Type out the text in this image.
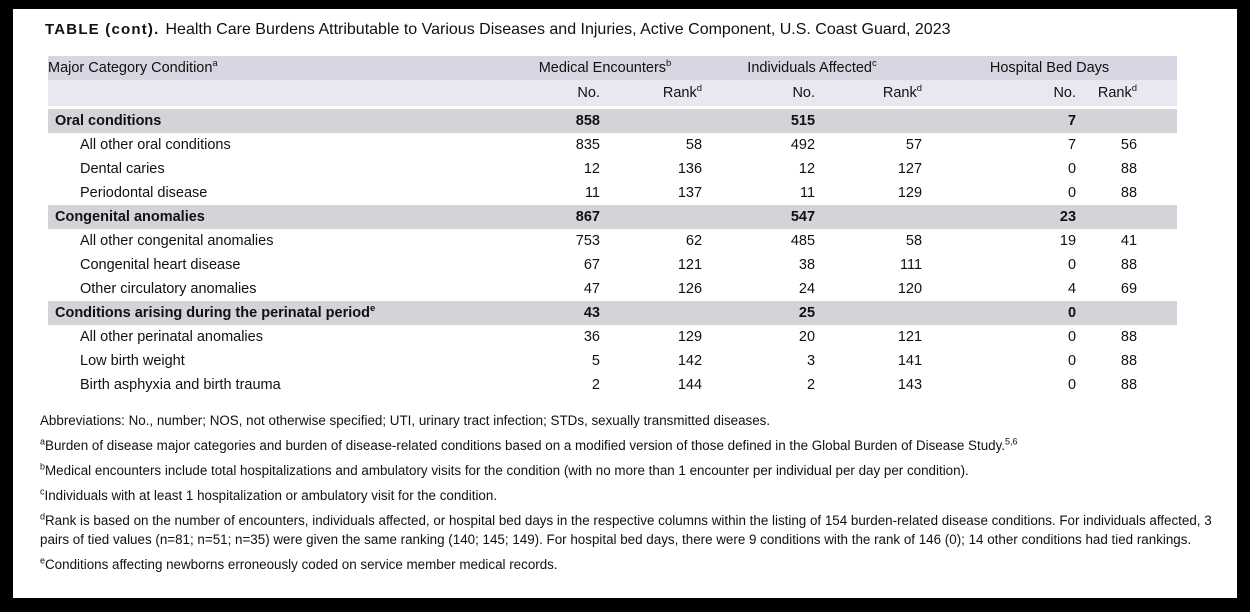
TABLE (cont). Health Care Burdens Attributable to Various Diseases and Injuries, Active Component, U.S. Coast Guard, 2023
Major Category Condition$^a$	Medical Encounters$^b$		Individuals Affected$^c$		Hospital Bed Days		
	No.	Rank$^d$	No.	Rank$^d$	No.	Rank$^d$	
Oral conditions	858		515		7		
All other oral conditions	835	58	492	57	7	56	
Dental caries	12	136	12	127	0	88	
Periodontal disease	11	137	11	129	0	88	
Congenital anomalies	867		547		23		
All other congenital anomalies	753	62	485	58	19	41	
Congenital heart disease	67	121	38	111	0	88	
Other circulatory anomalies	47	126	24	120	4	69	
Conditions arising during the perinatal period$^e$	43		25		0		
All other perinatal anomalies	36	129	20	121	0	88	
Low birth weight	5	142	3	141	0	88	
Birth asphyxia and birth trauma	2	144	2	143	0	88	
Abbreviations: No., number; NOS, not otherwise specified; UTI, urinary tract infection; STDs, sexually transmitted diseases.
$^a$Burden of disease major categories and burden of disease-related conditions based on a modified version of those defined in the Global Burden of Disease Study.$^{5,6}$
$^b$Medical encounters include total hospitalizations and ambulatory visits for the condition (with no more than 1 encounter per individual per day per condition).
$^c$Individuals with at least 1 hospitalization or ambulatory visit for the condition.
$^d$Rank is based on the number of encounters, individuals affected, or hospital bed days in the respective columns within the listing of 154 burden-related disease conditions. For individuals affected, 3 pairs of tied values (n=81; n=51; n=35) were given the same ranking (140; 145; 149). For hospital bed days, there were 9 conditions with the rank of 146 (0); 14 other conditions had tied rankings.
$^e$Conditions affecting newborns erroneously coded on service member medical records.
